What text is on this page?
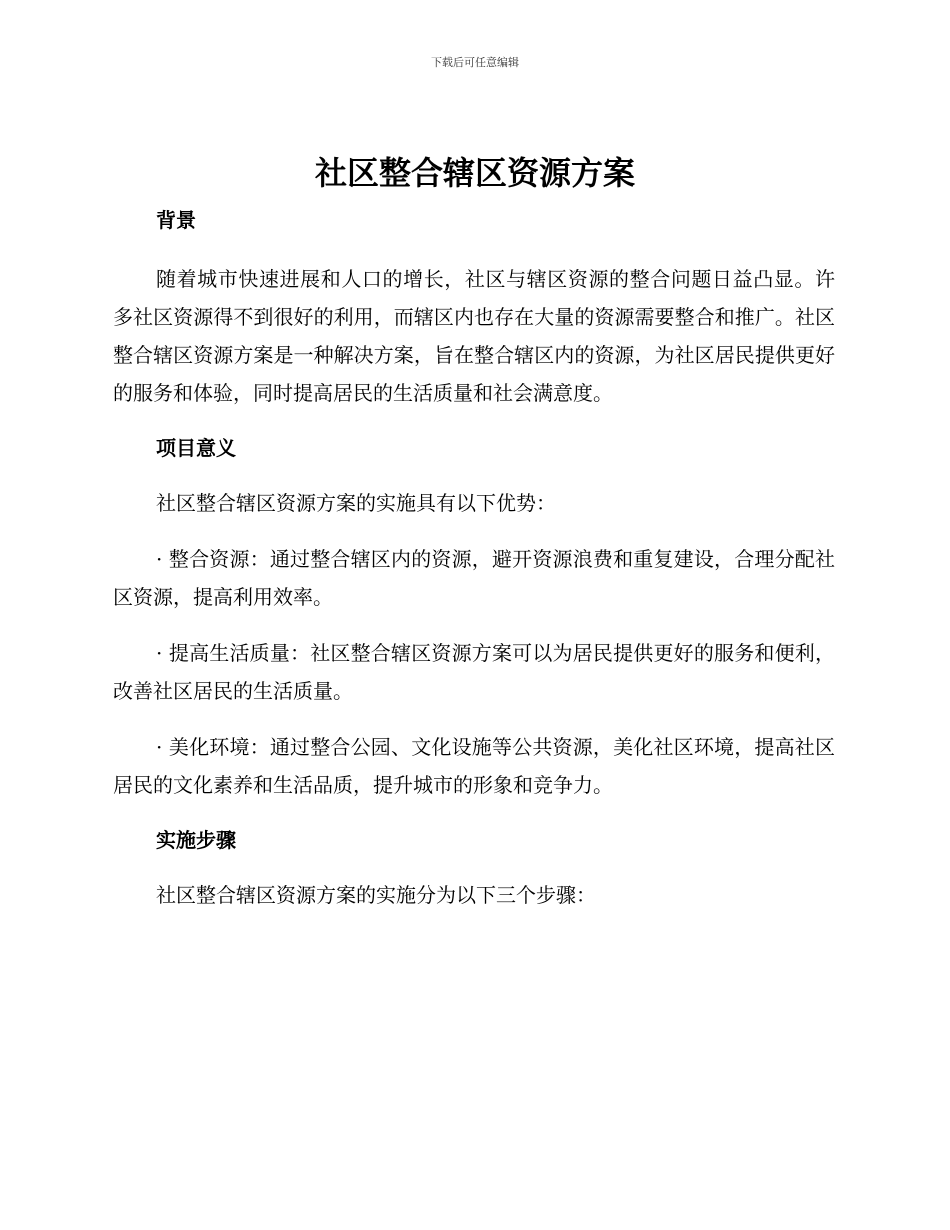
下载后可任意编辑
社区整合辖区资源方案
背景

随着城市快速进展和人口的增长，社区与辖区资源的整合问题日益凸显。许多社区资源得不到很好的利用，而辖区内也存在大量的资源需要整合和推广。社区整合辖区资源方案是一种解决方案，旨在整合辖区内的资源，为社区居民提供更好的服务和体验，同时提高居民的生活质量和社会满意度。

项目意义

社区整合辖区资源方案的实施具有以下优势：

· 整合资源：通过整合辖区内的资源，避开资源浪费和重复建设，合理分配社区资源，提高利用效率。

· 提高生活质量：社区整合辖区资源方案可以为居民提供更好的服务和便利，改善社区居民的生活质量。

· 美化环境：通过整合公园、文化设施等公共资源，美化社区环境，提高社区居民的文化素养和生活品质，提升城市的形象和竞争力。

实施步骤

社区整合辖区资源方案的实施分为以下三个步骤：
